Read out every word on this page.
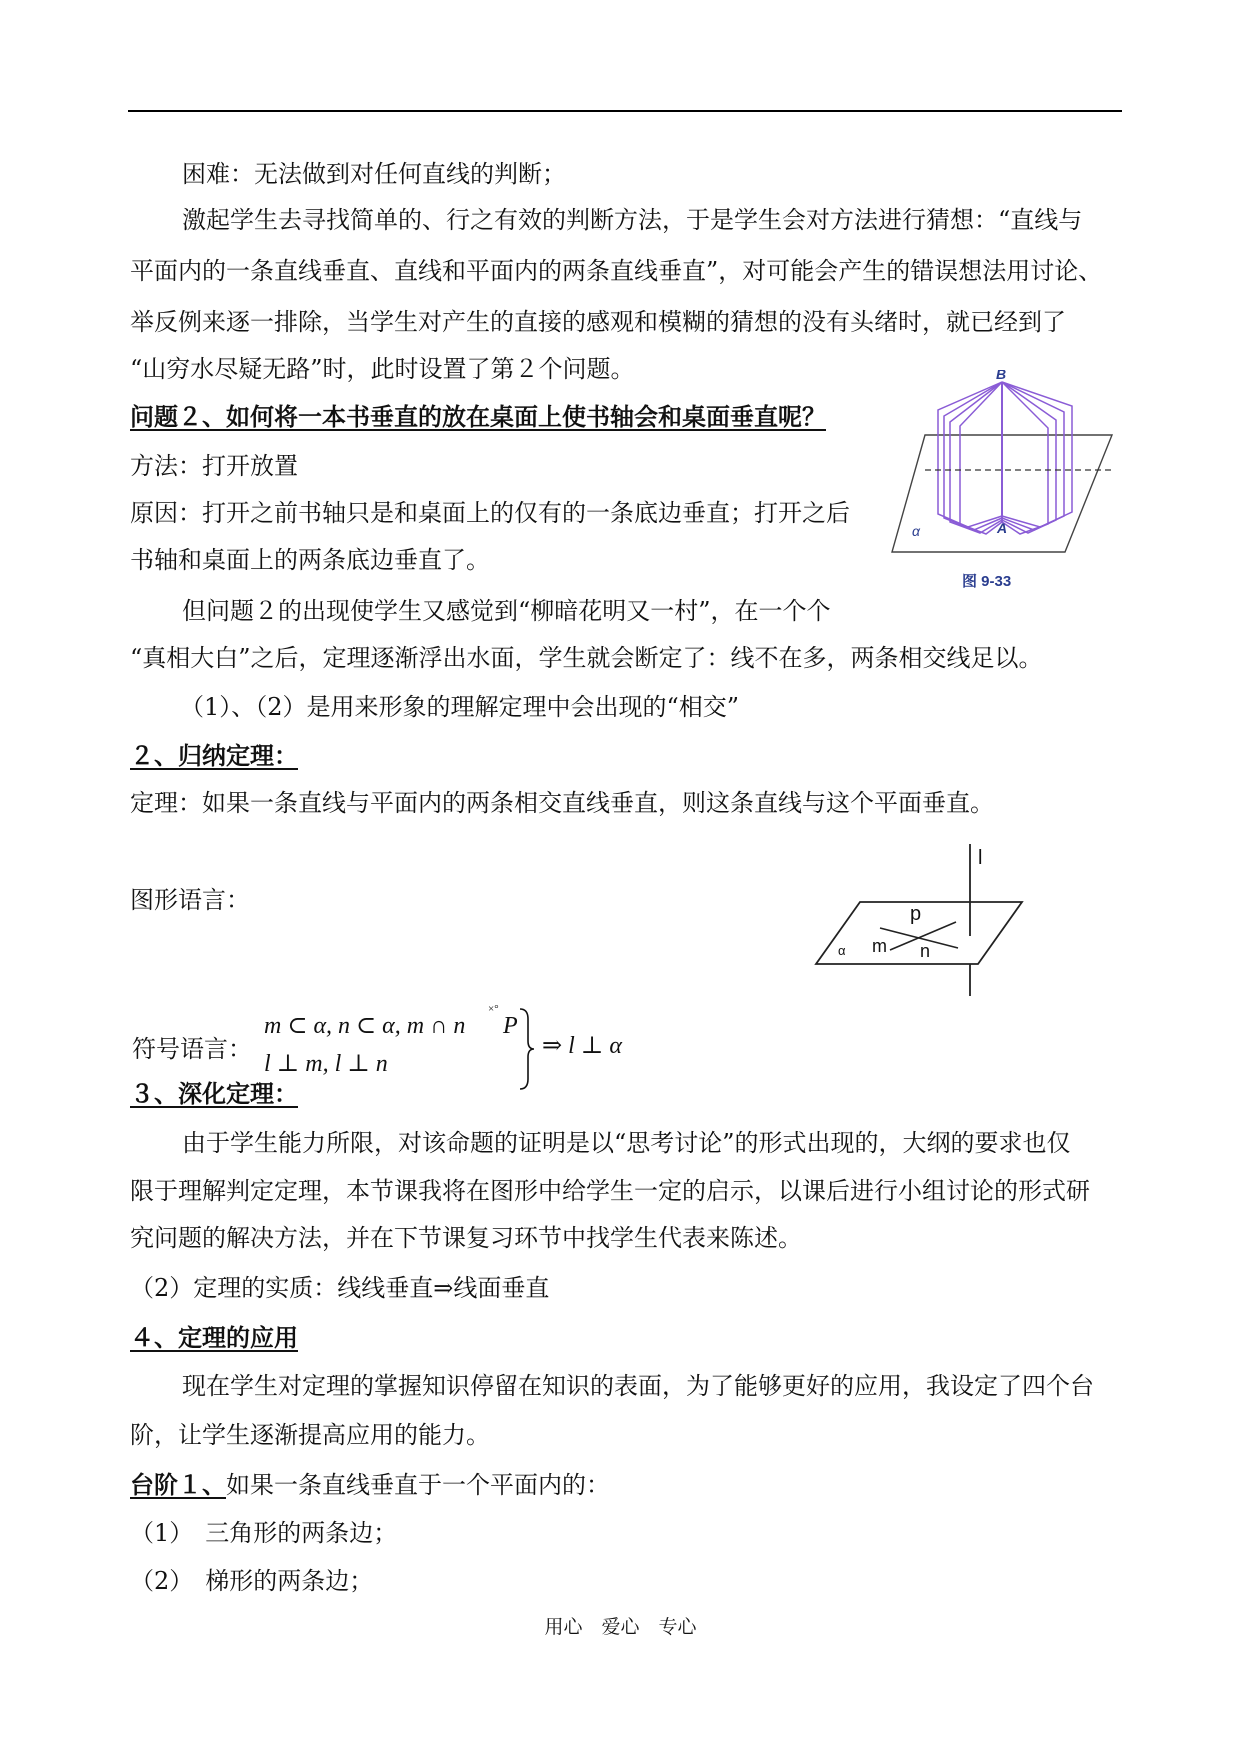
困难：无法做到对任何直线的判断；
激起学生去寻找简单的、行之有效的判断方法，于是学生会对方法进行猜想：“直线与
平面内的一条直线垂直、直线和平面内的两条直线垂直”，对可能会产生的错误想法用讨论、
举反例来逐一排除，当学生对产生的直接的感观和模糊的猜想的没有头绪时，就已经到了
“山穷水尽疑无路”时，此时设置了第２个问题。
问题２、如何将一本书垂直的放在桌面上使书轴会和桌面垂直呢？
方法：打开放置
原因：打开之前书轴只是和桌面上的仅有的一条底边垂直；打开之后
书轴和桌面上的两条底边垂直了。
B
A
α
图 9-33
但问题２的出现使学生又感觉到“柳暗花明又一村”，在一个个
“真相大白”之后，定理逐渐浮出水面，学生就会断定了：线不在多，两条相交线足以。
（1）、（2）是用来形象的理解定理中会出现的“相交”
２、归纳定理：
定理：如果一条直线与平面内的两条相交直线垂直，则这条直线与这个平面垂直。
图形语言：
l
p
m n
α
符号语言：
m ⊂ α, n ⊂ α, m ∩ n
×°
P
l ⊥ m, l ⊥ n
⇒ l ⊥ α
３、深化定理：
由于学生能力所限，对该命题的证明是以“思考讨论”的形式出现的，大纲的要求也仅
限于理解判定定理，本节课我将在图形中给学生一定的启示，以课后进行小组讨论的形式研
究问题的解决方法，并在下节课复习环节中找学生代表来陈述。
（2）定理的实质：线线垂直⇒线面垂直
４、定理的应用
现在学生对定理的掌握知识停留在知识的表面，为了能够更好的应用，我设定了四个台
阶，让学生逐渐提高应用的能力。
台阶１、如果一条直线垂直于一个平面内的：
（1）　三角形的两条边；
（2）　梯形的两条边；
用心　爱心　专心
